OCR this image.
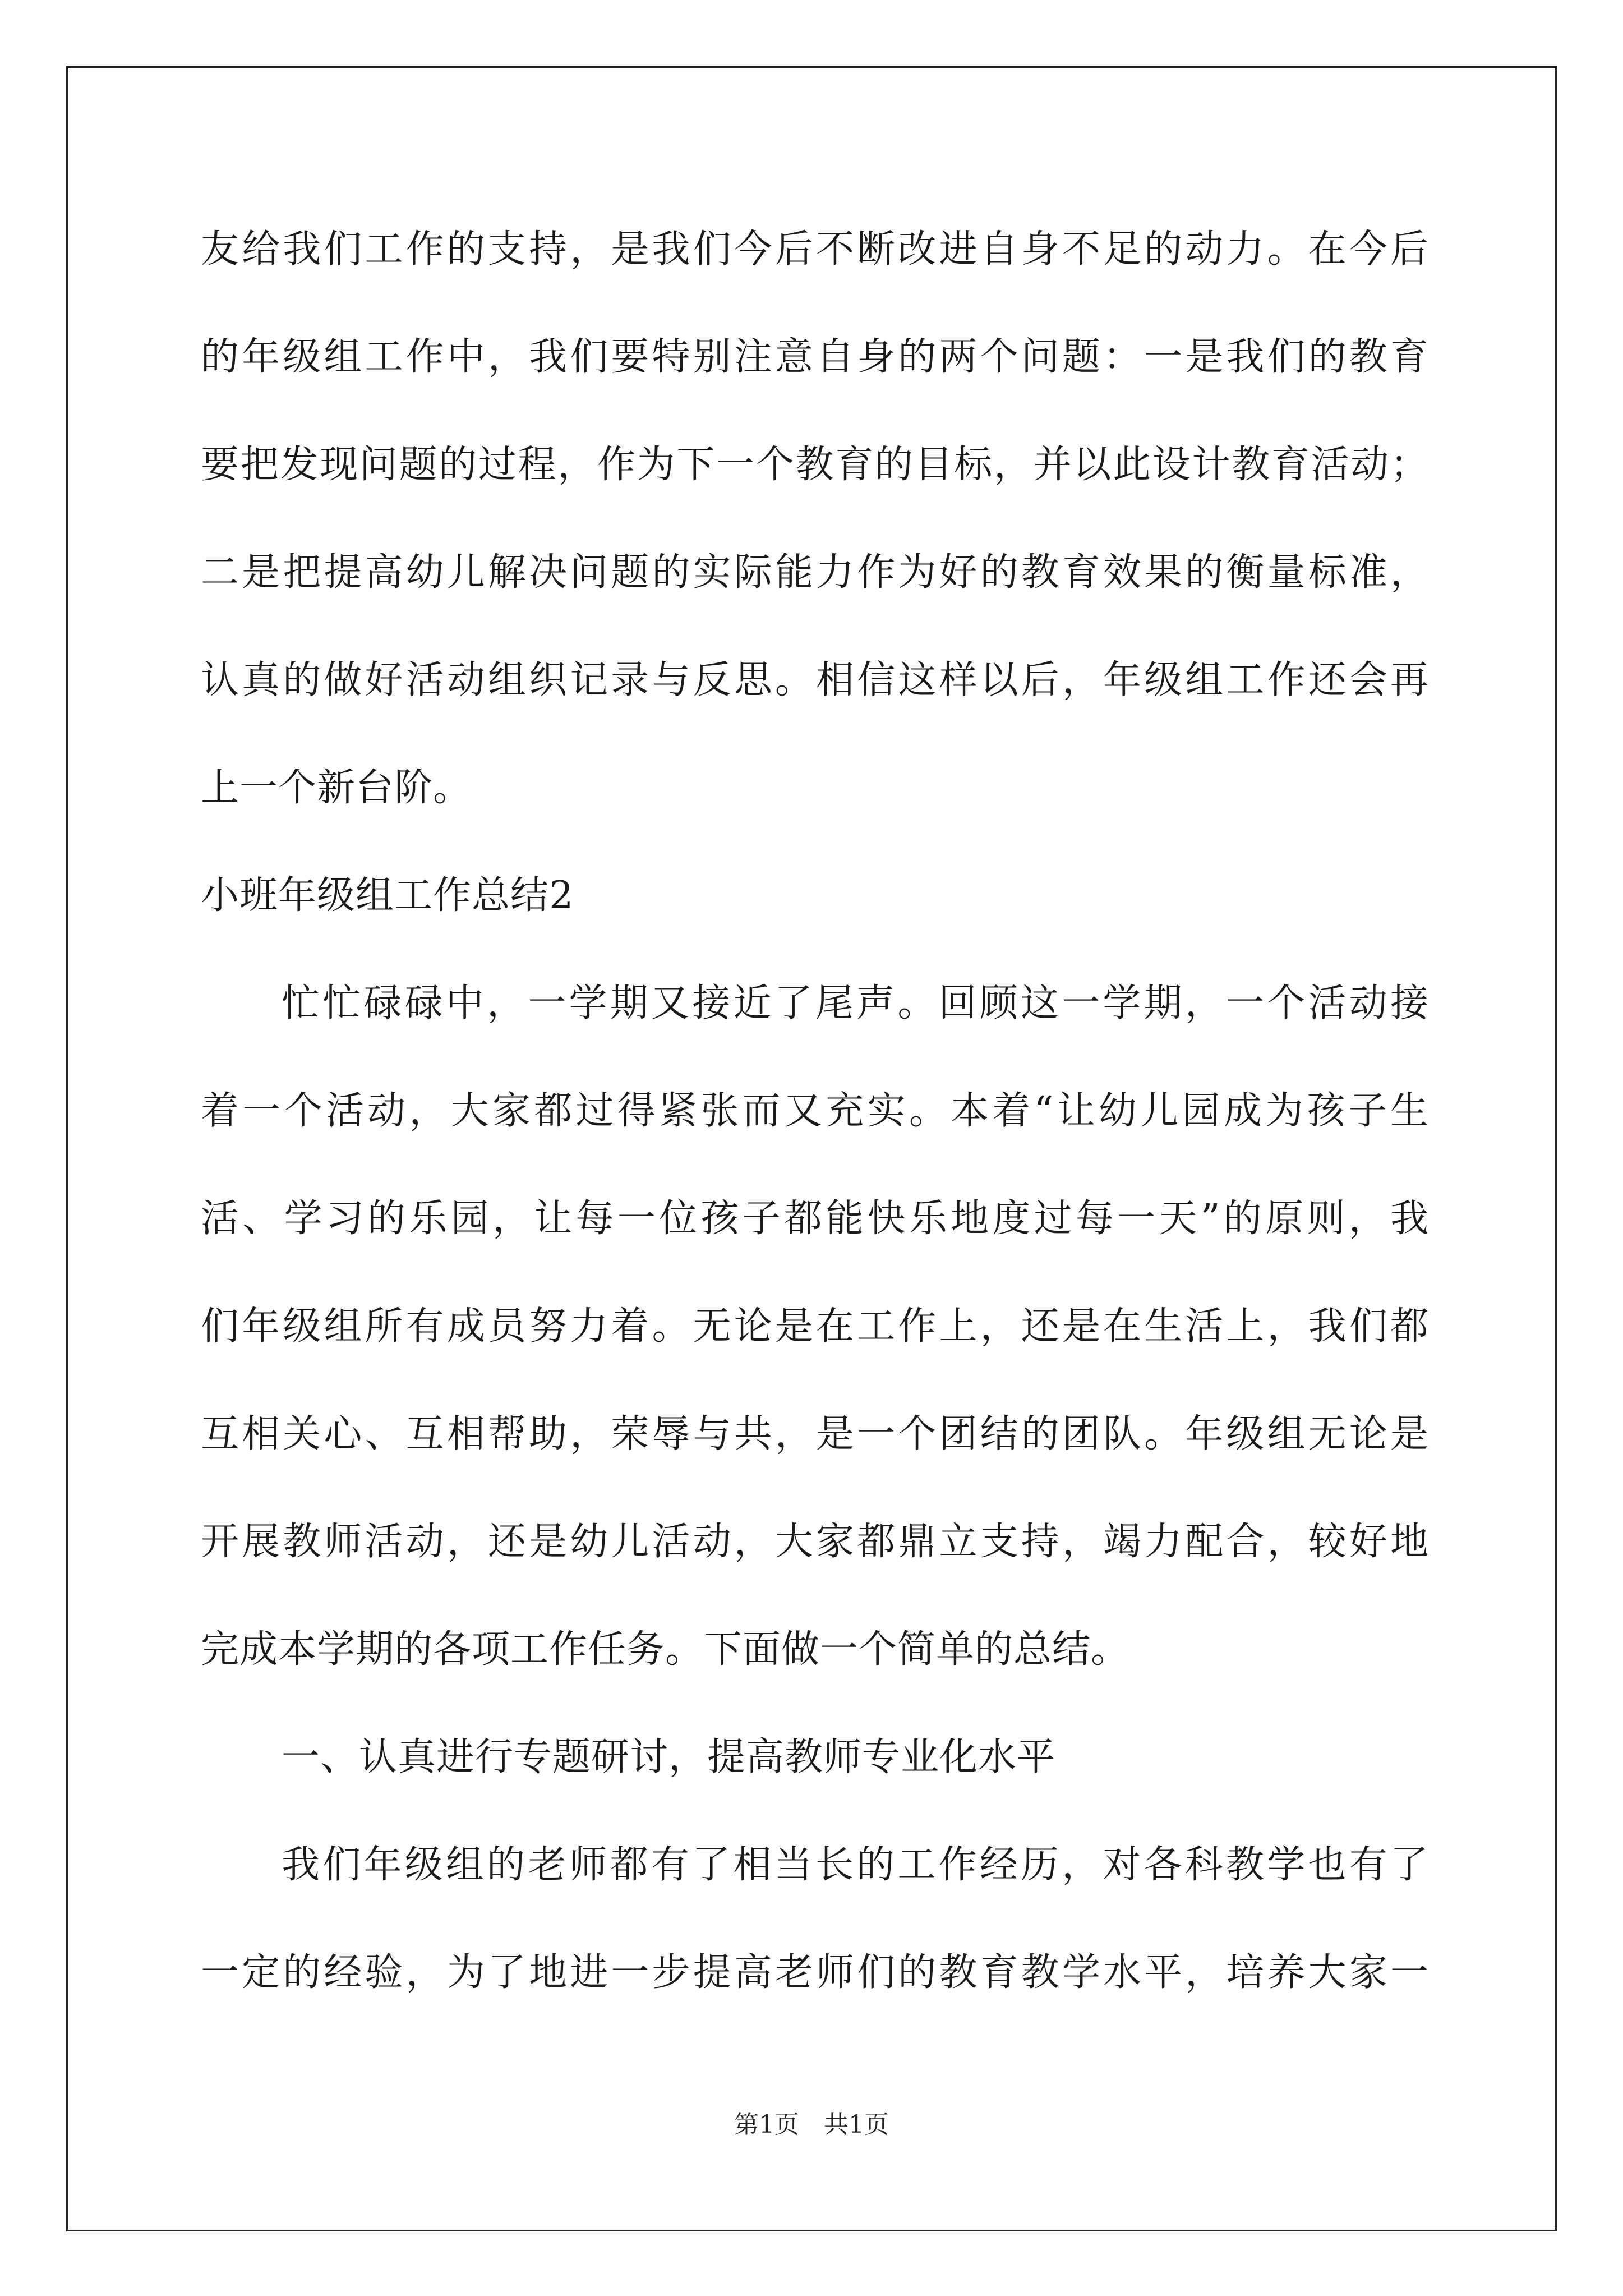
友给我们工作的支持，是我们今后不断改进自身不足的动力。在今后
的年级组工作中，我们要特别注意自身的两个问题：一是我们的教育
要把发现问题的过程，作为下一个教育的目标，并以此设计教育活动；
二是把提高幼儿解决问题的实际能力作为好的教育效果的衡量标准，
认真的做好活动组织记录与反思。相信这样以后，年级组工作还会再
上一个新台阶。
小班年级组工作总结2
忙忙碌碌中，一学期又接近了尾声。回顾这一学期，一个活动接
着一个活动，大家都过得紧张而又充实。本着“让幼儿园成为孩子生
活、学习的乐园，让每一位孩子都能快乐地度过每一天”的原则，我
们年级组所有成员努力着。无论是在工作上，还是在生活上，我们都
互相关心、互相帮助，荣辱与共，是一个团结的团队。年级组无论是
开展教师活动，还是幼儿活动，大家都鼎立支持，竭力配合，较好地
完成本学期的各项工作任务。下面做一个简单的总结。
一、认真进行专题研讨，提高教师专业化水平
我们年级组的老师都有了相当长的工作经历，对各科教学也有了
一定的经验，为了地进一步提高老师们的教育教学水平，培养大家一
第1页　共1页
